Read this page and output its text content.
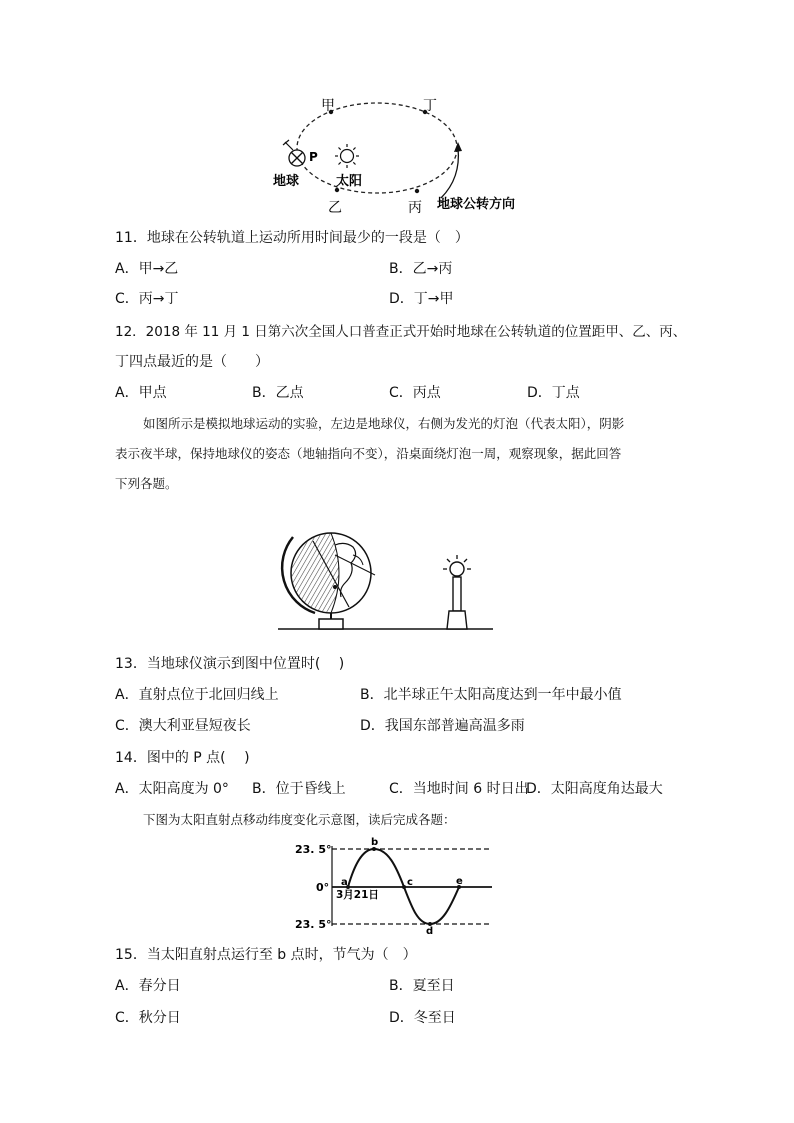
甲	丁
乙	丙
P
地球	太阳
地球公转方向
11．地球在公转轨道上运动所用时间最少的一段是（　）
A．甲→乙	B．乙→丙
C．丙→丁	D．丁→甲
12．2018 年 11 月 1 日第六次全国人口普查正式开始时地球在公转轨道的位置距甲、乙、丙、
丁四点最近的是（　　）
A．甲点	B．乙点	C．丙点	D．丁点
如图所示是模拟地球运动的实验，左边是地球仪，右侧为发光的灯泡（代表太阳），阴影
表示夜半球，保持地球仪的姿态（地轴指向不变），沿桌面绕灯泡一周，观察现象，据此回答
下列各题。
13．当地球仪演示到图中位置时(　 )
A．直射点位于北回归线上	B．北半球正午太阳高度达到一年中最小值
C．澳大利亚昼短夜长	D．我国东部普遍高温多雨
14．图中的 P 点(　 )
A．太阳高度为 0° B．位于昏线上	C．当地时间 6 时日出
D．太阳高度角达最大
下图为太阳直射点移动纬度变化示意图，读后完成各题：
23. 5°
0°
23. 5°
3月21日
a
b
c
d
e
15．当太阳直射点运行至 b 点时，节气为（　）
A．春分日	B．夏至日
C．秋分日	D．冬至日
